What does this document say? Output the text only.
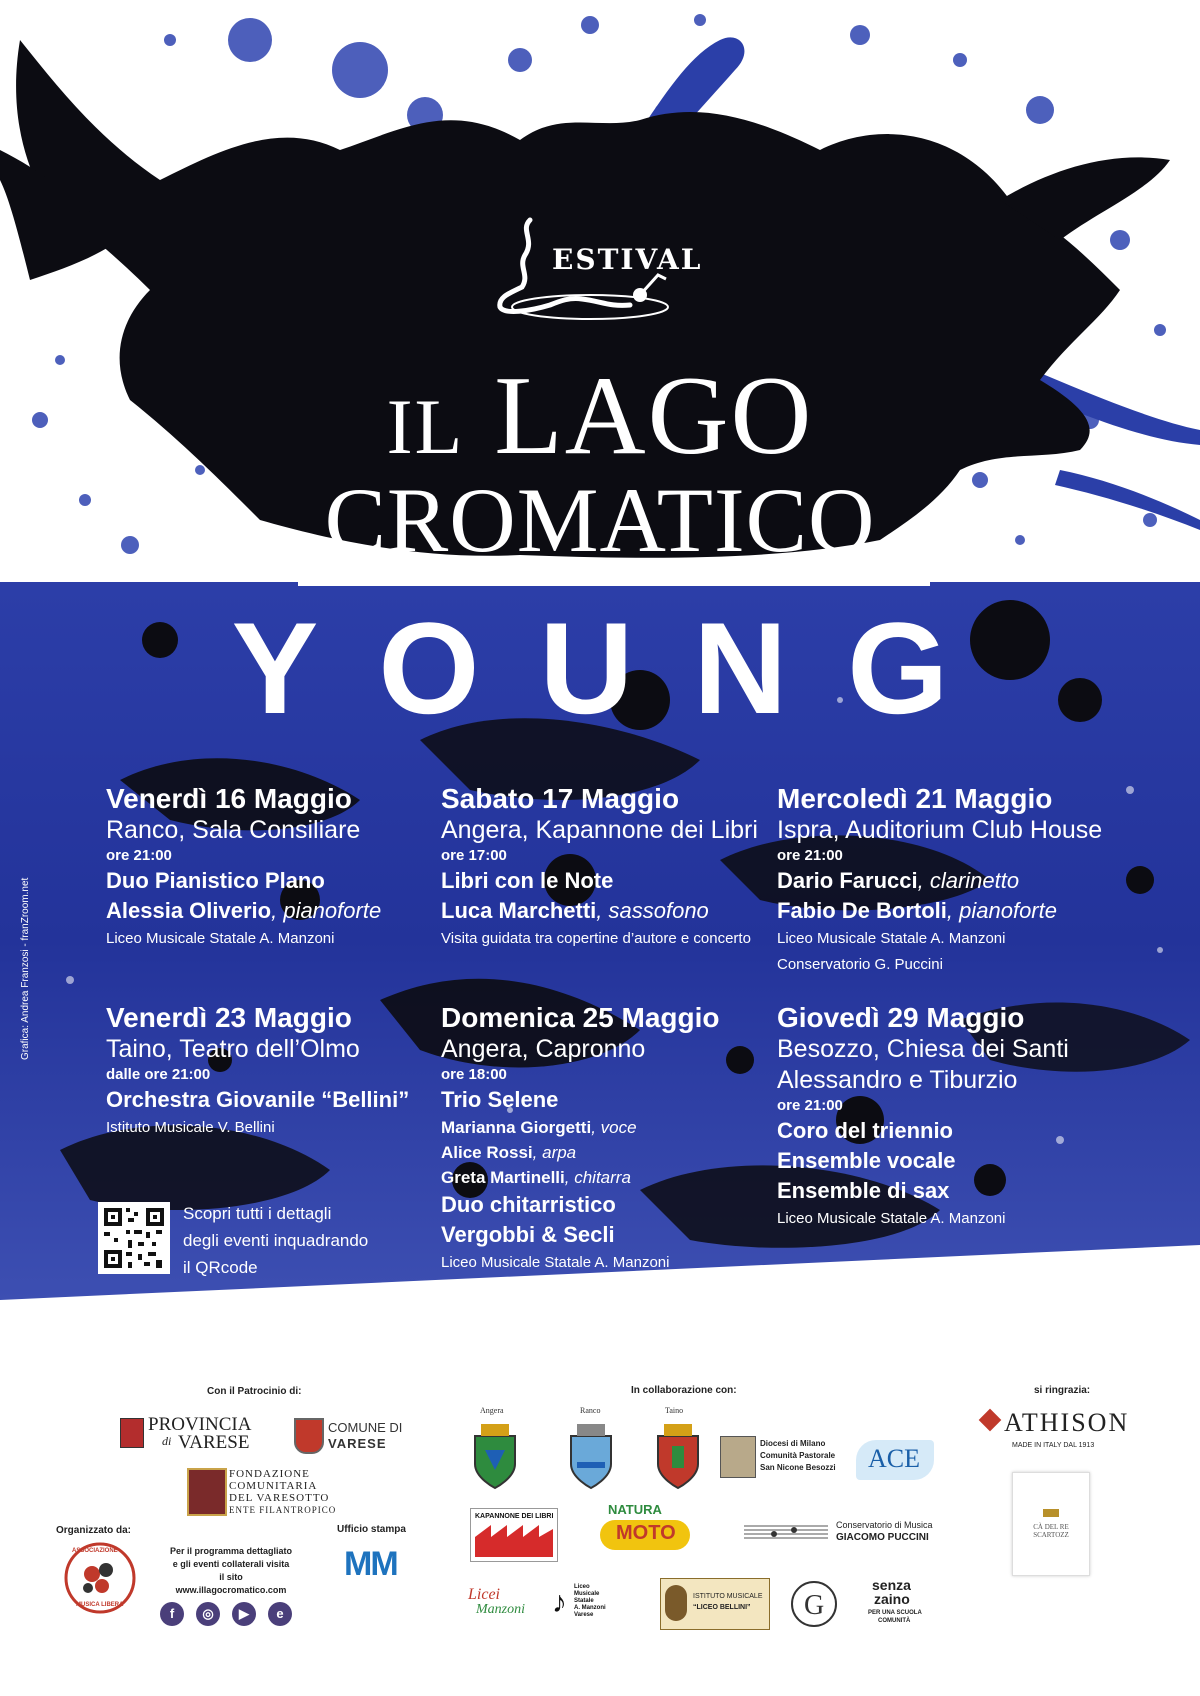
ESTIVAL
IL LAGO
CROMATICO
YOUNG
Venerdì 16 Maggio
Ranco, Sala Consiliare
ore 21:00
Duo Pianistico Plano
Alessia Oliverio, pianoforte
Liceo Musicale Statale A. Manzoni
Sabato 17 Maggio
Angera, Kapannone dei Libri
ore 17:00
Libri con le Note
Luca Marchetti, sassofono
Visita guidata tra copertine d’autore e concerto
Mercoledì 21 Maggio
Ispra, Auditorium Club House
ore 21:00
Dario Farucci, clarinetto
Fabio De Bortoli, pianoforte
Liceo Musicale Statale A. Manzoni
Conservatorio G. Puccini
Venerdì 23 Maggio
Taino, Teatro dell’Olmo
dalle ore 21:00
Orchestra Giovanile “Bellini”
Istituto Musicale V. Bellini
Domenica 25 Maggio
Angera, Capronno
ore 18:00
Trio Selene
Marianna Giorgetti, voce
Alice Rossi, arpa
Greta Martinelli, chitarra
Duo chitarristico
Vergobbi & Secli
Liceo Musicale Statale A. Manzoni
Giovedì 29 Maggio
Besozzo, Chiesa dei Santi
Alessandro e Tiburzio
ore 21:00
Coro del triennio
Ensemble vocale
Ensemble di sax
Liceo Musicale Statale A. Manzoni
Grafica: Andrea Franzosi - franZroom.net
Scopri tutti i dettagli
degli eventi inquadrando
il QRcode
Con il Patrocinio di:	In collaborazione con:	si ringrazia:
PROVINCIA
di VARESE
COMUNE DI
VARESE
FONDAZIONE
COMUNITARIA
DEL VARESOTTO
ENTE FILANTROPICO
Organizzato da:	Ufficio stampa
ASSOCIAZIONE
MUSICA LIBERA
Per il programma dettagliato
e gli eventi collaterali visita
il sito
www.illagocromatico.com
f ◎ ▶ e
MM
Angera	Ranco	Taino
Diocesi di Milano
Comunità Pastorale
San Nicone Besozzi ACE
KAPANNONE DEI LIBRI	NATURA
MOTO	Conservatorio di Musica
GIACOMO PUCCINI
Licei
Manzoni ♪ Liceo
Musicale
Statale
A. Manzoni
Varese
ISTITUTO MUSICALE
“LICEO BELLINI”	G
senza
zaino
PER UNA SCUOLA
COMUNITÀ
ATHISON
MADE IN ITALY DAL 1913
CÀ DEL RE SCARTOZZ
